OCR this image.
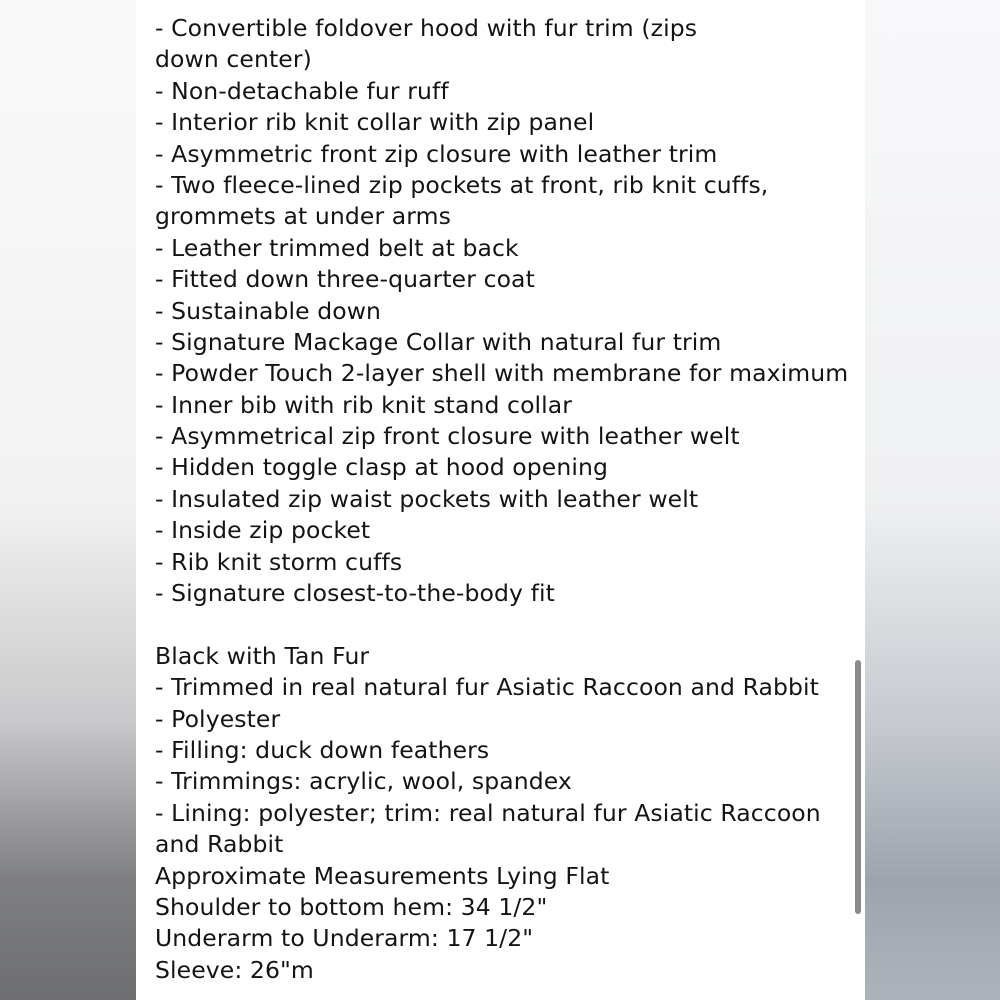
- Convertible foldover hood with fur trim (zips
down center)
- Non-detachable fur ruff
- Interior rib knit collar with zip panel
- Asymmetric front zip closure with leather trim
- Two fleece-lined zip pockets at front, rib knit cuffs,
grommets at under arms
- Leather trimmed belt at back
- Fitted down three-quarter coat
- Sustainable down
- Signature Mackage Collar with natural fur trim
- Powder Touch 2-layer shell with membrane for maximum
- Inner bib with rib knit stand collar
- Asymmetrical zip front closure with leather welt
- Hidden toggle clasp at hood opening
- Insulated zip waist pockets with leather welt
- Inside zip pocket
- Rib knit storm cuffs
- Signature closest-to-the-body fit
Black with Tan Fur
- Trimmed in real natural fur Asiatic Raccoon and Rabbit
- Polyester
- Filling: duck down feathers
- Trimmings: acrylic, wool, spandex
- Lining: polyester; trim: real natural fur Asiatic Raccoon
and Rabbit
Approximate Measurements Lying Flat
Shoulder to bottom hem: 34 1/2"
Underarm to Underarm: 17 1/2"
Sleeve: 26"m
